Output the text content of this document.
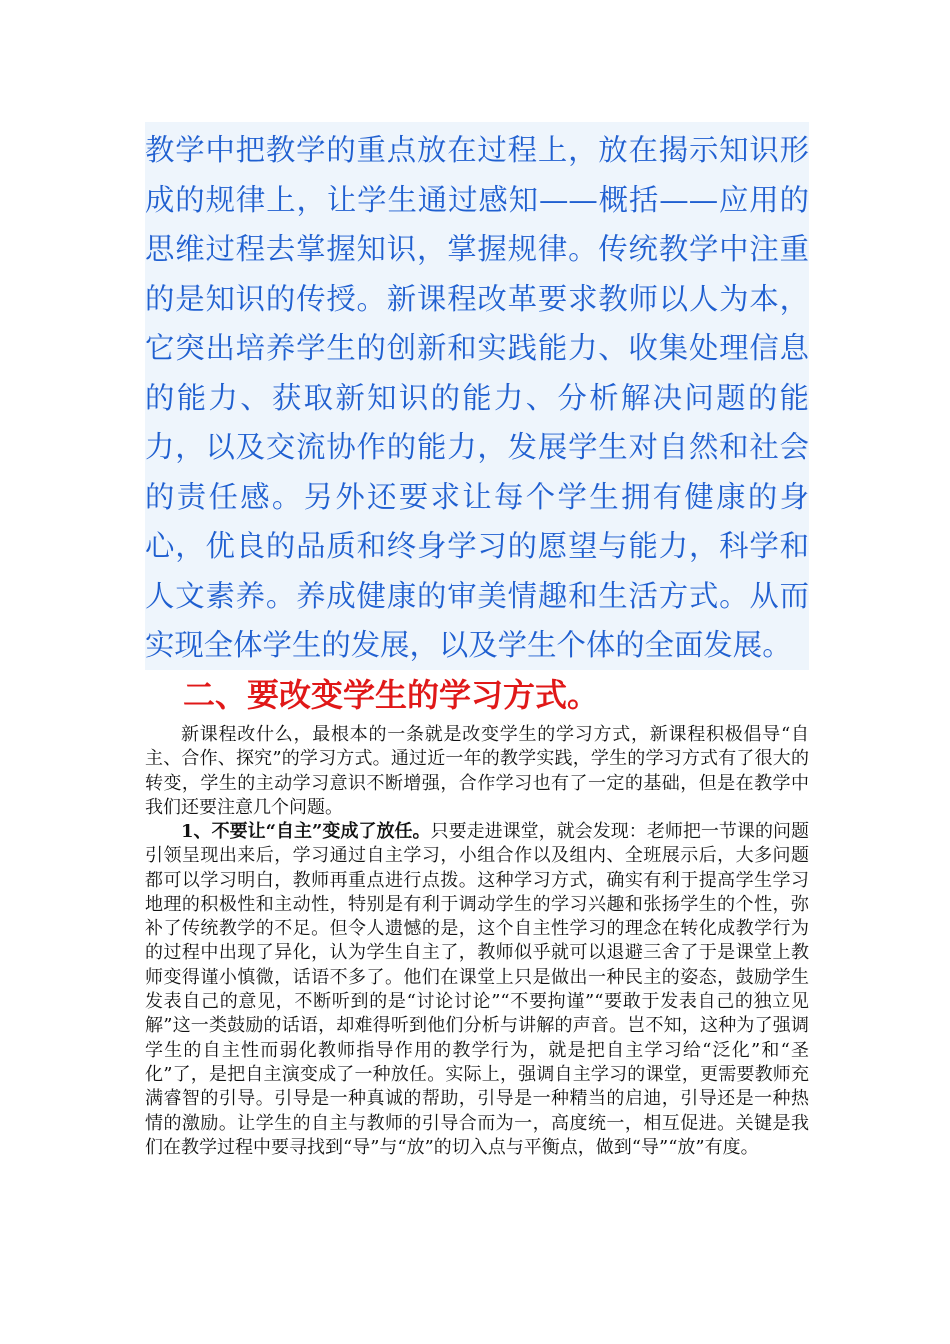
教学中把教学的重点放在过程上，放在揭示知识形成的规律上，让学生通过感知——概括——应用的思维过程去掌握知识，掌握规律。传统教学中注重的是知识的传授。新课程改革要求教师以人为本，它突出培养学生的创新和实践能力、收集处理信息的能力、获取新知识的能力、分析解决问题的能力，以及交流协作的能力，发展学生对自然和社会的责任感。另外还要求让每个学生拥有健康的身心，优良的品质和终身学习的愿望与能力，科学和人文素养。养成健康的审美情趣和生活方式。从而实现全体学生的发展，以及学生个体的全面发展。

二、要改变学生的学习方式。

新课程改什么，最根本的一条就是改变学生的学习方式，新课程积极倡导“自主、合作、探究”的学习方式。通过近一年的教学实践，学生的学习方式有了很大的转变，学生的主动学习意识不断增强，合作学习也有了一定的基础，但是在教学中我们还要注意几个问题。

1、不要让“自主”变成了放任。只要走进课堂，就会发现：老师把一节课的问题引领呈现出来后，学习通过自主学习，小组合作以及组内、全班展示后，大多问题都可以学习明白，教师再重点进行点拨。这种学习方式，确实有利于提高学生学习地理的积极性和主动性，特别是有利于调动学生的学习兴趣和张扬学生的个性，弥补了传统教学的不足。但令人遗憾的是，这个自主性学习的理念在转化成教学行为的过程中出现了异化，认为学生自主了，教师似乎就可以退避三舍了于是课堂上教师变得谨小慎微，话语不多了。他们在课堂上只是做出一种民主的姿态，鼓励学生发表自己的意见，不断听到的是“讨论讨论”“不要拘谨”“要敢于发表自己的独立见解”这一类鼓励的话语，却难得听到他们分析与讲解的声音。岂不知，这种为了强调学生的自主性而弱化教师指导作用的教学行为，就是把自主学习给“泛化”和“圣化”了，是把自主演变成了一种放任。实际上，强调自主学习的课堂，更需要教师充满睿智的引导。引导是一种真诚的帮助，引导是一种精当的启迪，引导还是一种热情的激励。让学生的自主与教师的引导合而为一，高度统一，相互促进。关键是我们在教学过程中要寻找到“导”与“放”的切入点与平衡点，做到“导”“放”有度。
